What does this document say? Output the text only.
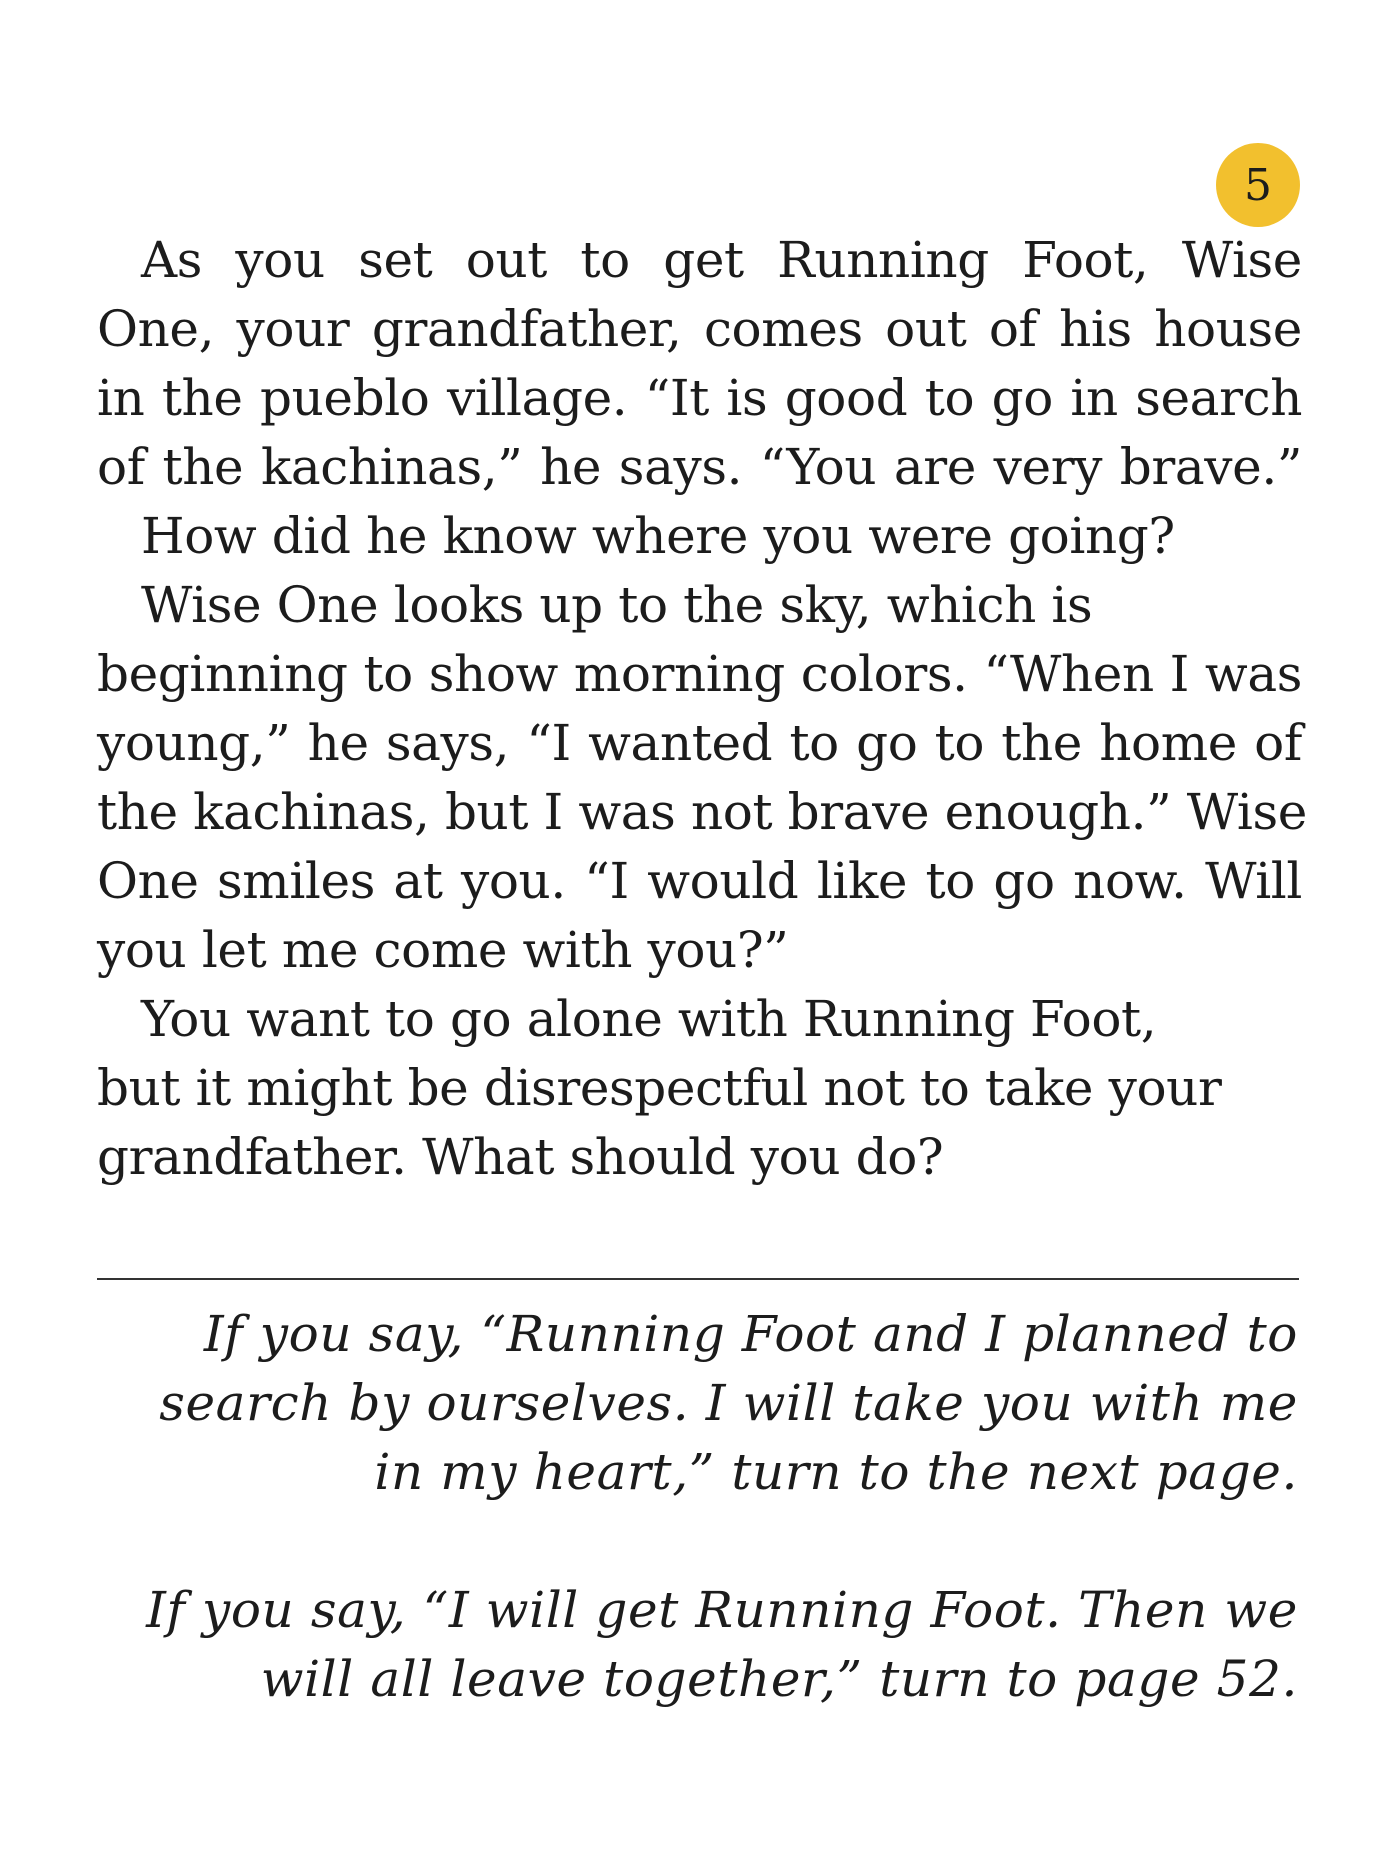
5
As you set out to get Running Foot, Wise
One, your grandfather, comes out of his house
in the pueblo village. “It is good to go in search
of the kachinas,” he says. “You are very brave.”
How did he know where you were going?
Wise One looks up to the sky, which is
beginning to show morning colors. “When I was
young,” he says, “I wanted to go to the home of
the kachinas, but I was not brave enough.” Wise
One smiles at you. “I would like to go now. Will
you let me come with you?”
You want to go alone with Running Foot,
but it might be disrespectful not to take your
grandfather. What should you do?
If you say, “Running Foot and I planned to
search by ourselves. I will take you with me
in my heart,” turn to the next page.
If you say, “I will get Running Foot. Then we
will all leave together,” turn to page 52.
